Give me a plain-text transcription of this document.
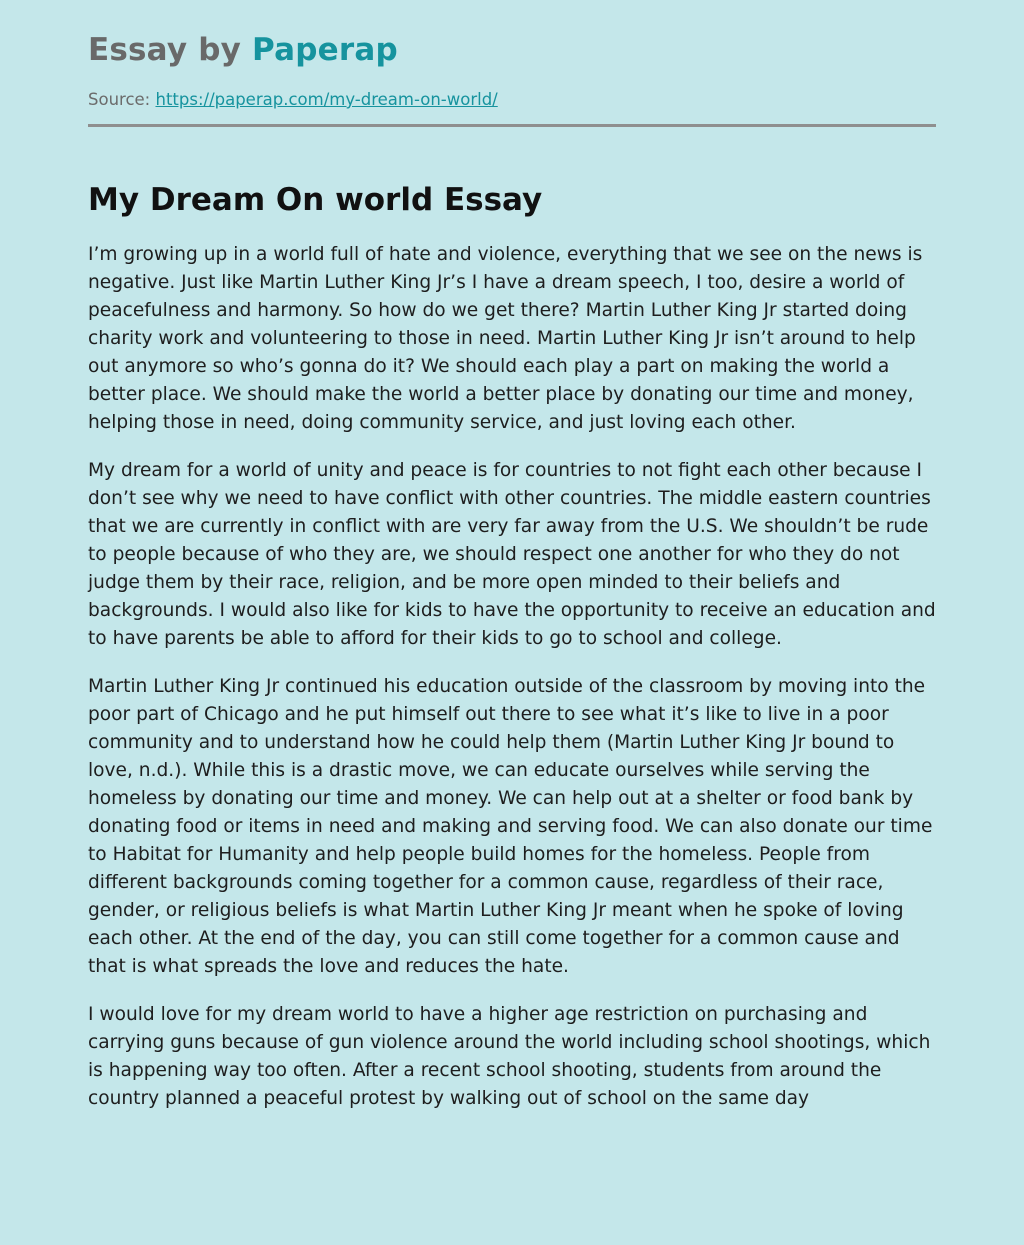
Essay by Paperap
Source: https://paperap.com/my-dream-on-world/
My Dream On world Essay

I’m growing up in a world full of hate and violence, everything that we see on the news is negative. Just like Martin Luther King Jr’s I have a dream speech, I too, desire a world of peacefulness and harmony. So how do we get there? Martin Luther King Jr started doing charity work and volunteering to those in need. Martin Luther King Jr isn’t around to help out anymore so who’s gonna do it? We should each play a part on making the world a better place. We should make the world a better place by donating our time and money, helping those in need, doing community service, and just loving each other.

My dream for a world of unity and peace is for countries to not fight each other because I don’t see why we need to have conflict with other countries. The middle eastern countries that we are currently in conflict with are very far away from the U.S. We shouldn’t be rude to people because of who they are, we should respect one another for who they do not judge them by their race, religion, and be more open minded to their beliefs and backgrounds. I would also like for kids to have the opportunity to receive an education and to have parents be able to afford for their kids to go to school and college.

Martin Luther King Jr continued his education outside of the classroom by moving into the poor part of Chicago and he put himself out there to see what it’s like to live in a poor community and to understand how he could help them (Martin Luther King Jr bound to love, n.d.). While this is a drastic move, we can educate ourselves while serving the homeless by donating our time and money. We can help out at a shelter or food bank by donating food or items in need and making and serving food. We can also donate our time to Habitat for Humanity and help people build homes for the homeless. People from different backgrounds coming together for a common cause, regardless of their race, gender, or religious beliefs is what Martin Luther King Jr meant when he spoke of loving each other. At the end of the day, you can still come together for a common cause and that is what spreads the love and reduces the hate.

I would love for my dream world to have a higher age restriction on purchasing and carrying guns because of gun violence around the world including school shootings, which is happening way too often. After a recent school shooting, students from around the country planned a peaceful protest by walking out of school on the same day
